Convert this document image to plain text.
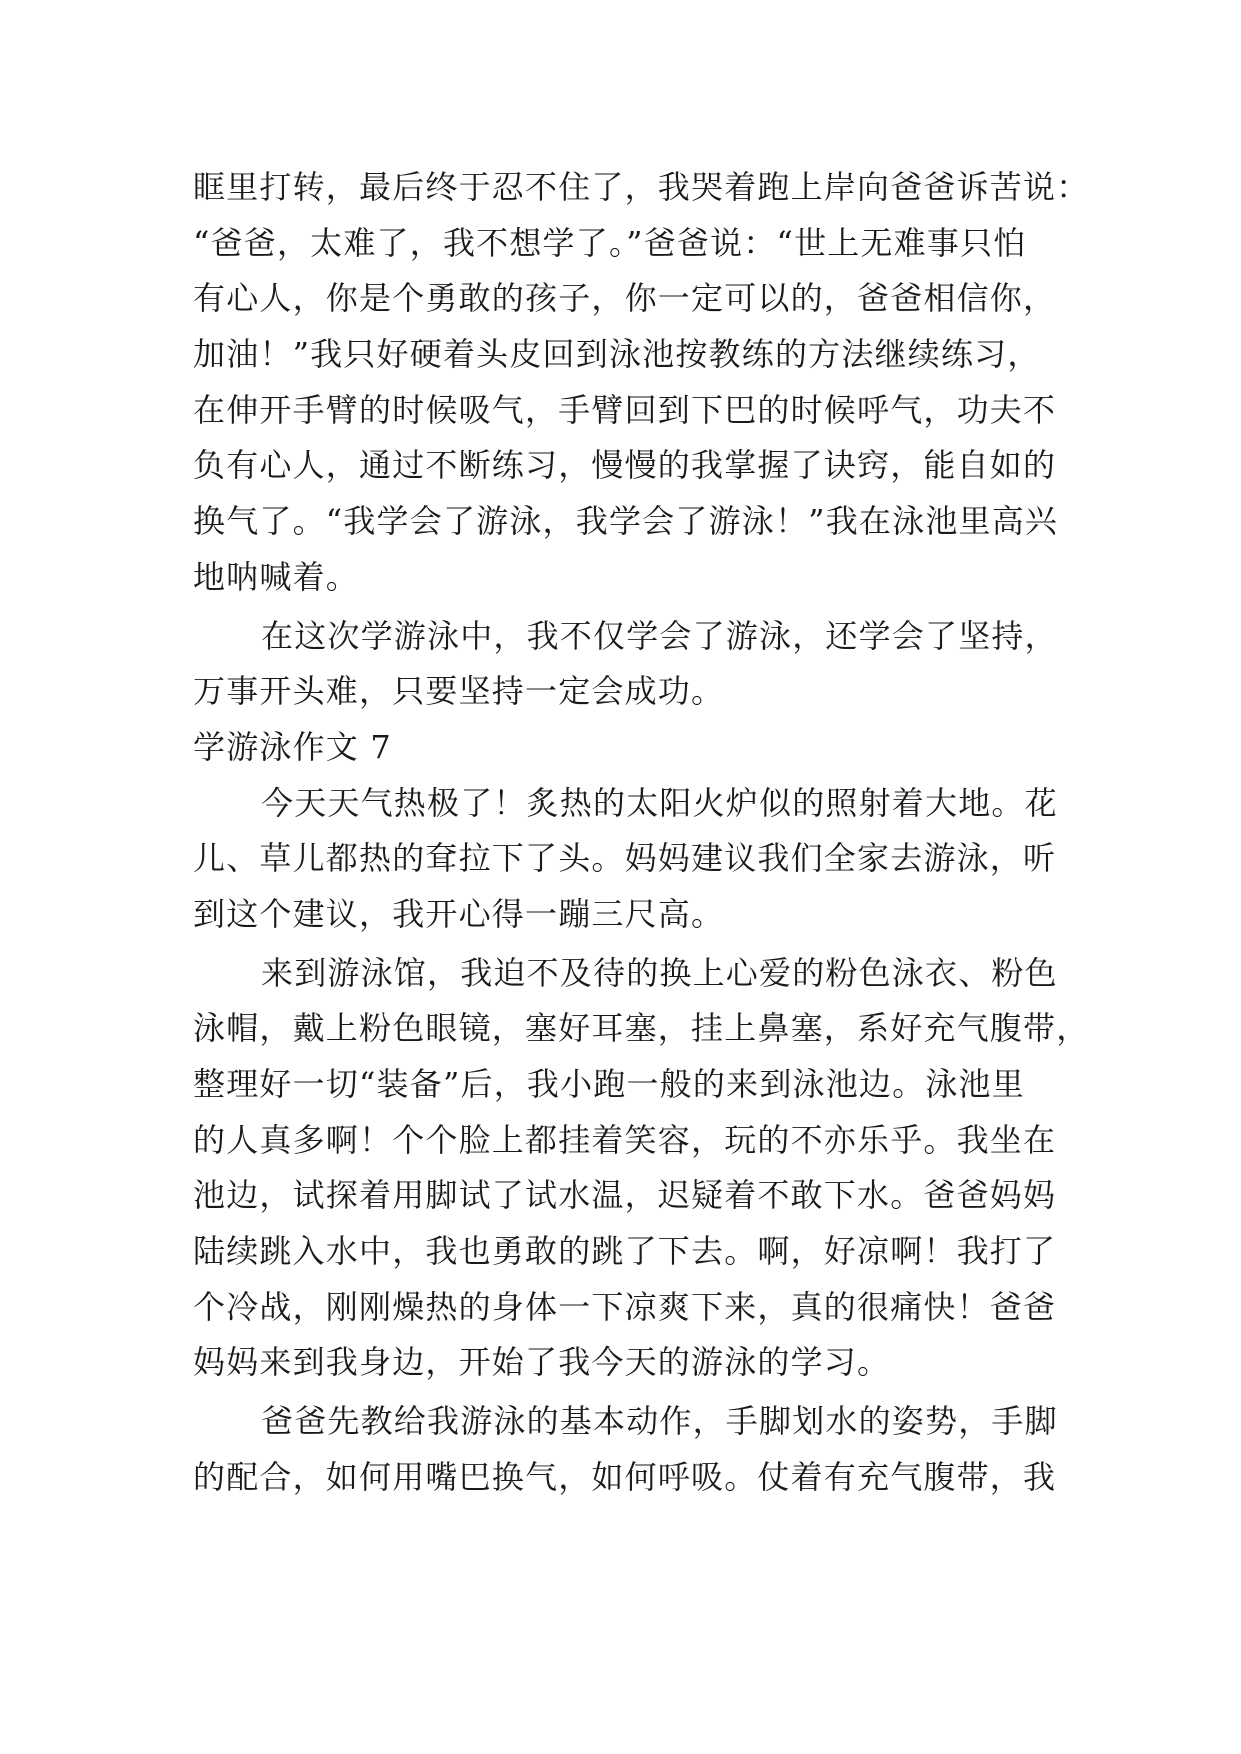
眶里打转，最后终于忍不住了，我哭着跑上岸向爸爸诉苦说：
“爸爸，太难了，我不想学了。”爸爸说：“世上无难事只怕
有心人，你是个勇敢的孩子，你一定可以的，爸爸相信你，
加油！”我只好硬着头皮回到泳池按教练的方法继续练习，
在伸开手臂的时候吸气，手臂回到下巴的时候呼气，功夫不
负有心人，通过不断练习，慢慢的我掌握了诀窍，能自如的
换气了。“我学会了游泳，我学会了游泳！”我在泳池里高兴
地呐喊着。
在这次学游泳中，我不仅学会了游泳，还学会了坚持，
万事开头难，只要坚持一定会成功。
学游泳作文 7
今天天气热极了！炙热的太阳火炉似的照射着大地。花
儿、草儿都热的耷拉下了头。妈妈建议我们全家去游泳，听
到这个建议，我开心得一蹦三尺高。
来到游泳馆，我迫不及待的换上心爱的粉色泳衣、粉色
泳帽，戴上粉色眼镜，塞好耳塞，挂上鼻塞，系好充气腹带，
整理好一切“装备”后，我小跑一般的来到泳池边。泳池里
的人真多啊！个个脸上都挂着笑容，玩的不亦乐乎。我坐在
池边，试探着用脚试了试水温，迟疑着不敢下水。爸爸妈妈
陆续跳入水中，我也勇敢的跳了下去。啊，好凉啊！我打了
个冷战，刚刚燥热的身体一下凉爽下来，真的很痛快！爸爸
妈妈来到我身边，开始了我今天的游泳的学习。
爸爸先教给我游泳的基本动作，手脚划水的姿势，手脚
的配合，如何用嘴巴换气，如何呼吸。仗着有充气腹带，我
